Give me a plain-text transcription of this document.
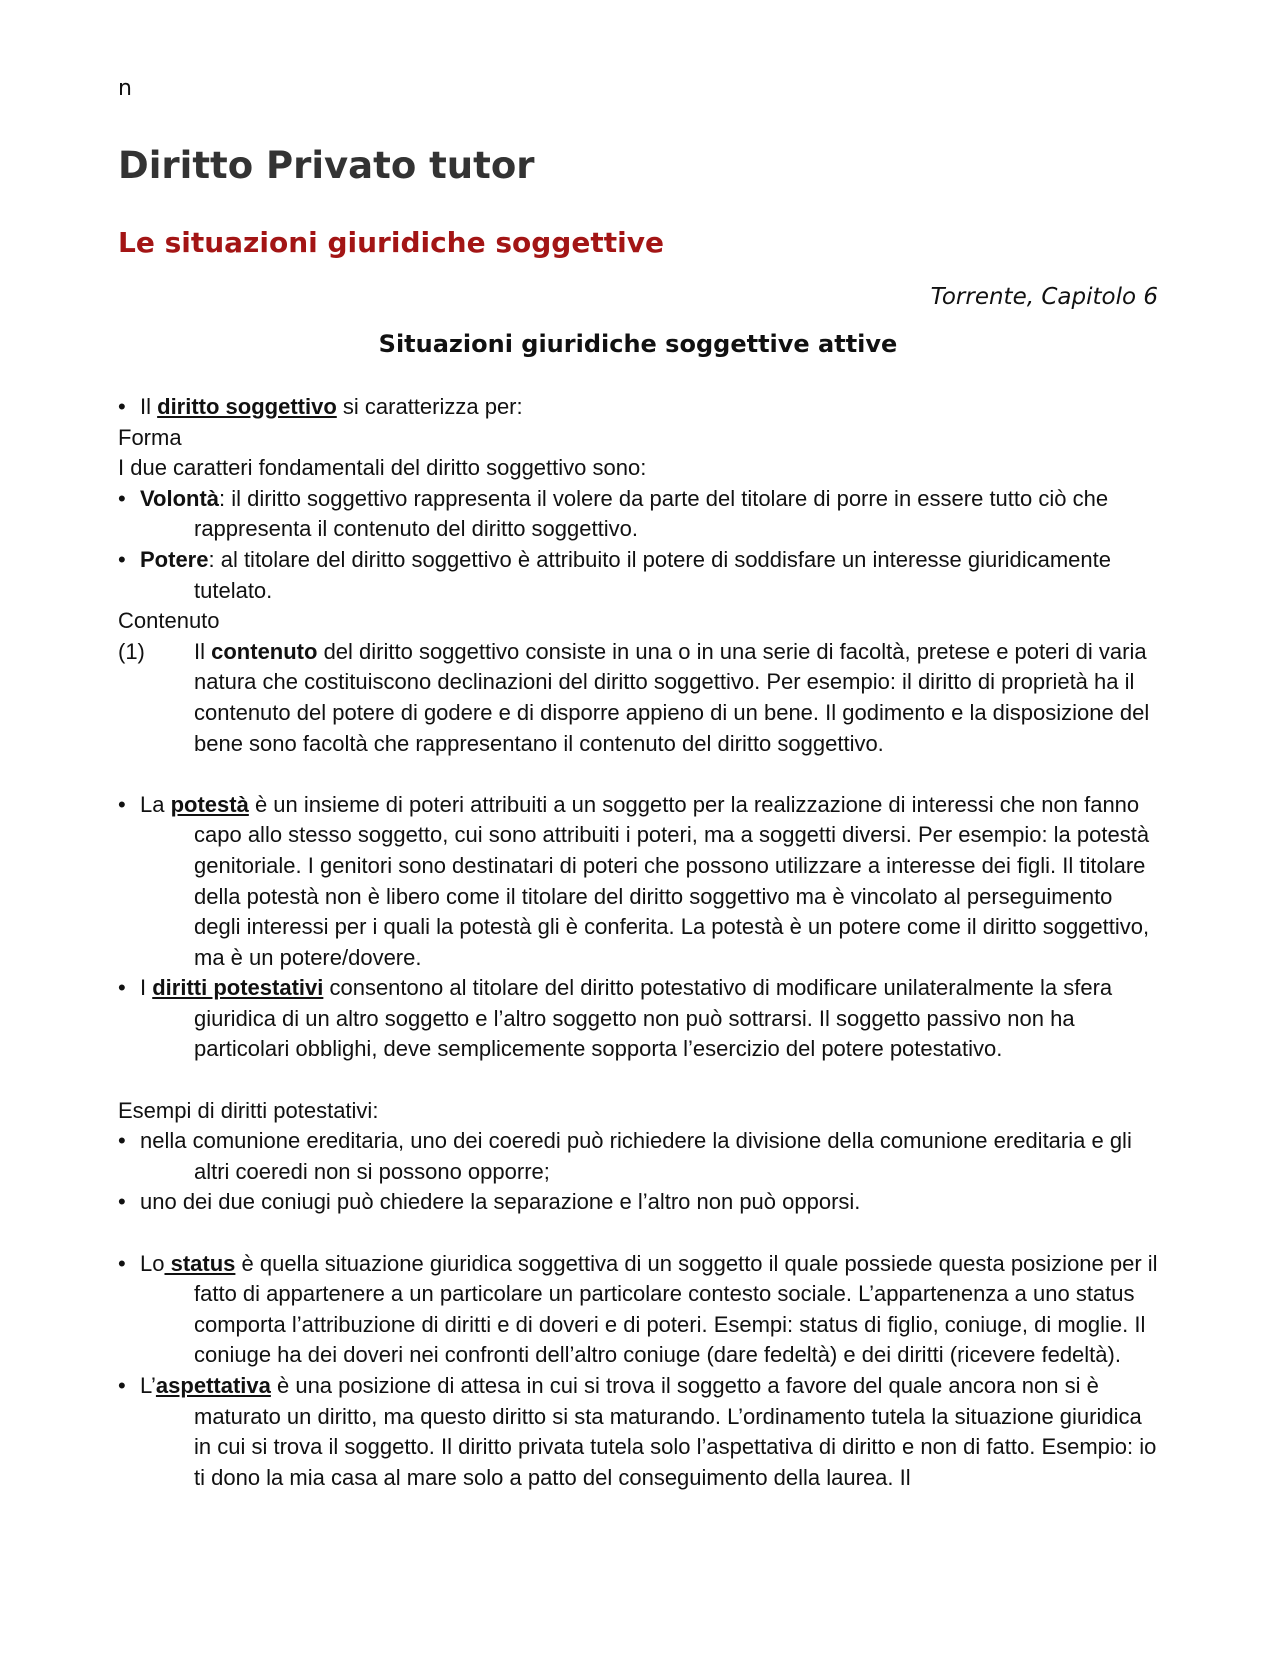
n
Diritto Privato tutor
Le situazioni giuridiche soggettive
Torrente, Capitolo 6
Situazioni giuridiche soggettive attive

• Il diritto soggettivo si caratterizza per:

Forma

I due caratteri fondamentali del diritto soggettivo sono:

• Volontà: il diritto soggettivo rappresenta il volere da parte del titolare di porre in essere tutto ciò che rappresenta il contenuto del diritto soggettivo.

• Potere: al titolare del diritto soggettivo è attribuito il potere di soddisfare un interesse giuridicamente tutelato.

Contenuto

(1) Il contenuto del diritto soggettivo consiste in una o in una serie di facoltà, pretese e poteri di varia natura che costituiscono declinazioni del diritto soggettivo. Per esempio: il diritto di proprietà ha il contenuto del potere di godere e di disporre appieno di un bene. Il godimento e la disposizione del bene sono facoltà che rappresentano il contenuto del diritto soggettivo.

• La potestà è un insieme di poteri attribuiti a un soggetto per la realizzazione di interessi che non fanno capo allo stesso soggetto, cui sono attribuiti i poteri, ma a soggetti diversi. Per esempio: la potestà genitoriale. I genitori sono destinatari di poteri che possono utilizzare a interesse dei figli. Il titolare della potestà non è libero come il titolare del diritto soggettivo ma è vincolato al perseguimento degli interessi per i quali la potestà gli è conferita. La potestà è un potere come il diritto soggettivo, ma è un potere/dovere.

• I diritti potestativi consentono al titolare del diritto potestativo di modificare unilateralmente la sfera giuridica di un altro soggetto e l’altro soggetto non può sottrarsi. Il soggetto passivo non ha particolari obblighi, deve semplicemente sopporta l’esercizio del potere potestativo.

Esempi di diritti potestativi:

• nella comunione ereditaria, uno dei coeredi può richiedere la divisione della comunione ereditaria e gli altri coeredi non si possono opporre;

• uno dei due coniugi può chiedere la separazione e l’altro non può opporsi.

• Lo status è quella situazione giuridica soggettiva di un soggetto il quale possiede questa posizione per il fatto di appartenere a un particolare un particolare contesto sociale. L’appartenenza a uno status comporta l’attribuzione di diritti e di doveri e di poteri. Esempi: status di figlio, coniuge, di moglie. Il coniuge ha dei doveri nei confronti dell’altro coniuge (dare fedeltà) e dei diritti (ricevere fedeltà).

• L’aspettativa è una posizione di attesa in cui si trova il soggetto a favore del quale ancora non si è maturato un diritto, ma questo diritto si sta maturando. L’ordinamento tutela la situazione giuridica in cui si trova il soggetto. Il diritto privata tutela solo l’aspettativa di diritto e non di fatto. Esempio: io ti dono la mia casa al mare solo a patto del conseguimento della laurea. Il
